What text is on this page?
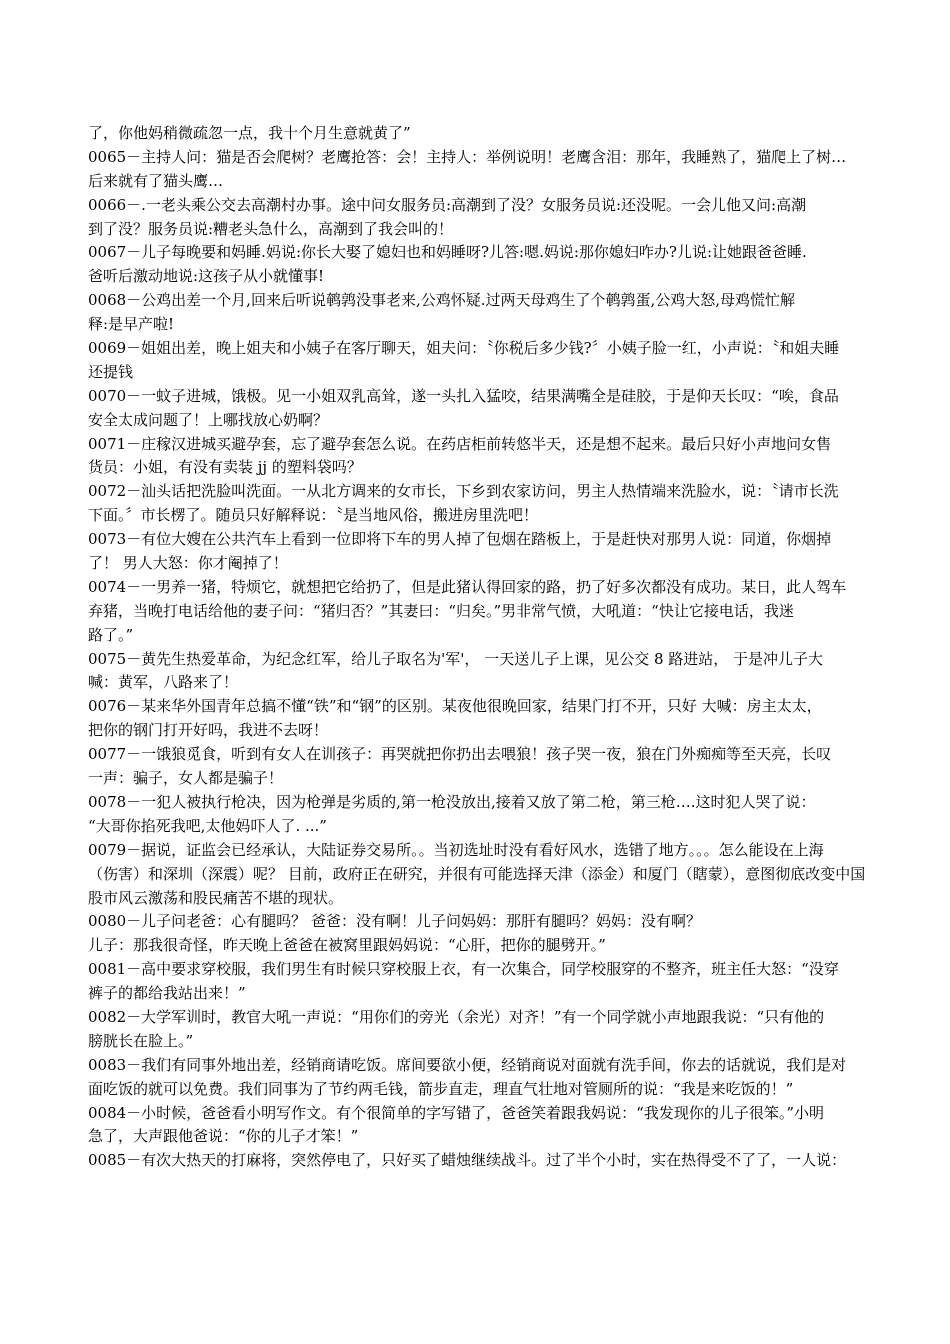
了，你他妈稍微疏忽一点，我十个月生意就黄了”
0065－主持人问：猫是否会爬树？老鹰抢答：会！主持人：举例说明！老鹰含泪：那年，我睡熟了，猫爬上了树…
后来就有了猫头鹰…
0066－.一老头乘公交去高潮村办事。途中问女服务员:高潮到了没？女服务员说:还没呢。一会儿他又问:高潮
到了没？服务员说:糟老头急什么，高潮到了我会叫的！
0067－儿子每晚要和妈睡.妈说:你长大娶了媳妇也和妈睡呀?儿答:嗯.妈说:那你媳妇咋办?儿说:让她跟爸爸睡.
爸听后激动地说:这孩子从小就懂事!
0068－公鸡出差一个月,回来后听说鹌鹑没事老来,公鸡怀疑.过两天母鸡生了个鹌鹑蛋,公鸡大怒,母鸡慌忙解
释:是早产啦!
0069－姐姐出差，晚上姐夫和小姨子在客厅聊天，姐夫问：〝你税后多少钱?〞小姨子脸一红，小声说：〝和姐夫睡
还提钱
0070－一蚊子进城，饿极。见一小姐双乳高耸，遂一头扎入猛咬，结果满嘴全是硅胶，于是仰天长叹：“唉，食品
安全太成问题了！上哪找放心奶啊？
0071－庄稼汉进城买避孕套，忘了避孕套怎么说。在药店柜前转悠半天，还是想不起来。最后只好小声地问女售
货员：小姐，有没有卖装 jj 的塑料袋吗？
0072－汕头话把洗脸叫洗面。一从北方调来的女市长，下乡到农家访问，男主人热情端来洗脸水，说：〝请市长洗
下面。〞市长楞了。随员只好解释说：〝是当地风俗，搬进房里洗吧！
0073－有位大嫂在公共汽车上看到一位即将下车的男人掉了包烟在踏板上，于是赶快对那男人说：同道，你烟掉
了！ 男人大怒：你才阉掉了！
0074－一男养一猪，特烦它，就想把它给扔了，但是此猪认得回家的路，扔了好多次都没有成功。某日，此人驾车
弃猪，当晚打电话给他的妻子问：“猪归否？”其妻曰：“归矣。”男非常气愤，大吼道：“快让它接电话，我迷
路了。”
0075－黄先生热爱革命，为纪念红军，给儿子取名为'军'， 一天送儿子上课，见公交 8 路进站， 于是冲儿子大
喊：黄军，八路来了！
0076－某来华外国青年总搞不懂“铁”和“钢”的区别。某夜他很晚回家，结果门打不开，只好 大喊：房主太太，
把你的钢门打开好吗，我进不去呀！
0077－一饿狼觅食，听到有女人在训孩子：再哭就把你扔出去喂狼！孩子哭一夜，狼在门外痴痴等至天亮，长叹
一声：骗子，女人都是骗子！
0078－一犯人被执行枪决，因为枪弹是劣质的,第一枪没放出,接着又放了第二枪，第三枪….这时犯人哭了说：
“大哥你掐死我吧,太他妈吓人了. ...”
0079－据说，证监会已经承认，大陆证券交易所。。当初选址时没有看好风水，选错了地方。。。怎么能设在上海
（伤害）和深圳（深震）呢？ 目前，政府正在研究，并很有可能选择天津（添金）和厦门（瞎蒙），意图彻底改变中国
股市风云激荡和股民痛苦不堪的现状。
0080－儿子问老爸：心有腿吗？ 爸爸：没有啊！儿子问妈妈：那肝有腿吗？妈妈：没有啊？
儿子：那我很奇怪，昨天晚上爸爸在被窝里跟妈妈说：“心肝，把你的腿劈开。”
0081－高中要求穿校服，我们男生有时候只穿校服上衣，有一次集合，同学校服穿的不整齐，班主任大怒：“没穿
裤子的都给我站出来！”
0082－大学军训时，教官大吼一声说：“用你们的旁光（余光）对齐！”有一个同学就小声地跟我说：“只有他的
膀胱长在脸上。”
0083－我们有同事外地出差，经销商请吃饭。席间要欲小便，经销商说对面就有洗手间，你去的话就说，我们是对
面吃饭的就可以免费。我们同事为了节约两毛钱，箭步直走，理直气壮地对管厕所的说：“我是来吃饭的！”
0084－小时候，爸爸看小明写作文。有个很简单的字写错了，爸爸笑着跟我妈说：“我发现你的儿子很笨。”小明
急了，大声跟他爸说：“你的儿子才笨！”
0085－有次大热天的打麻将，突然停电了，只好买了蜡烛继续战斗。过了半个小时，实在热得受不了了，一人说：
